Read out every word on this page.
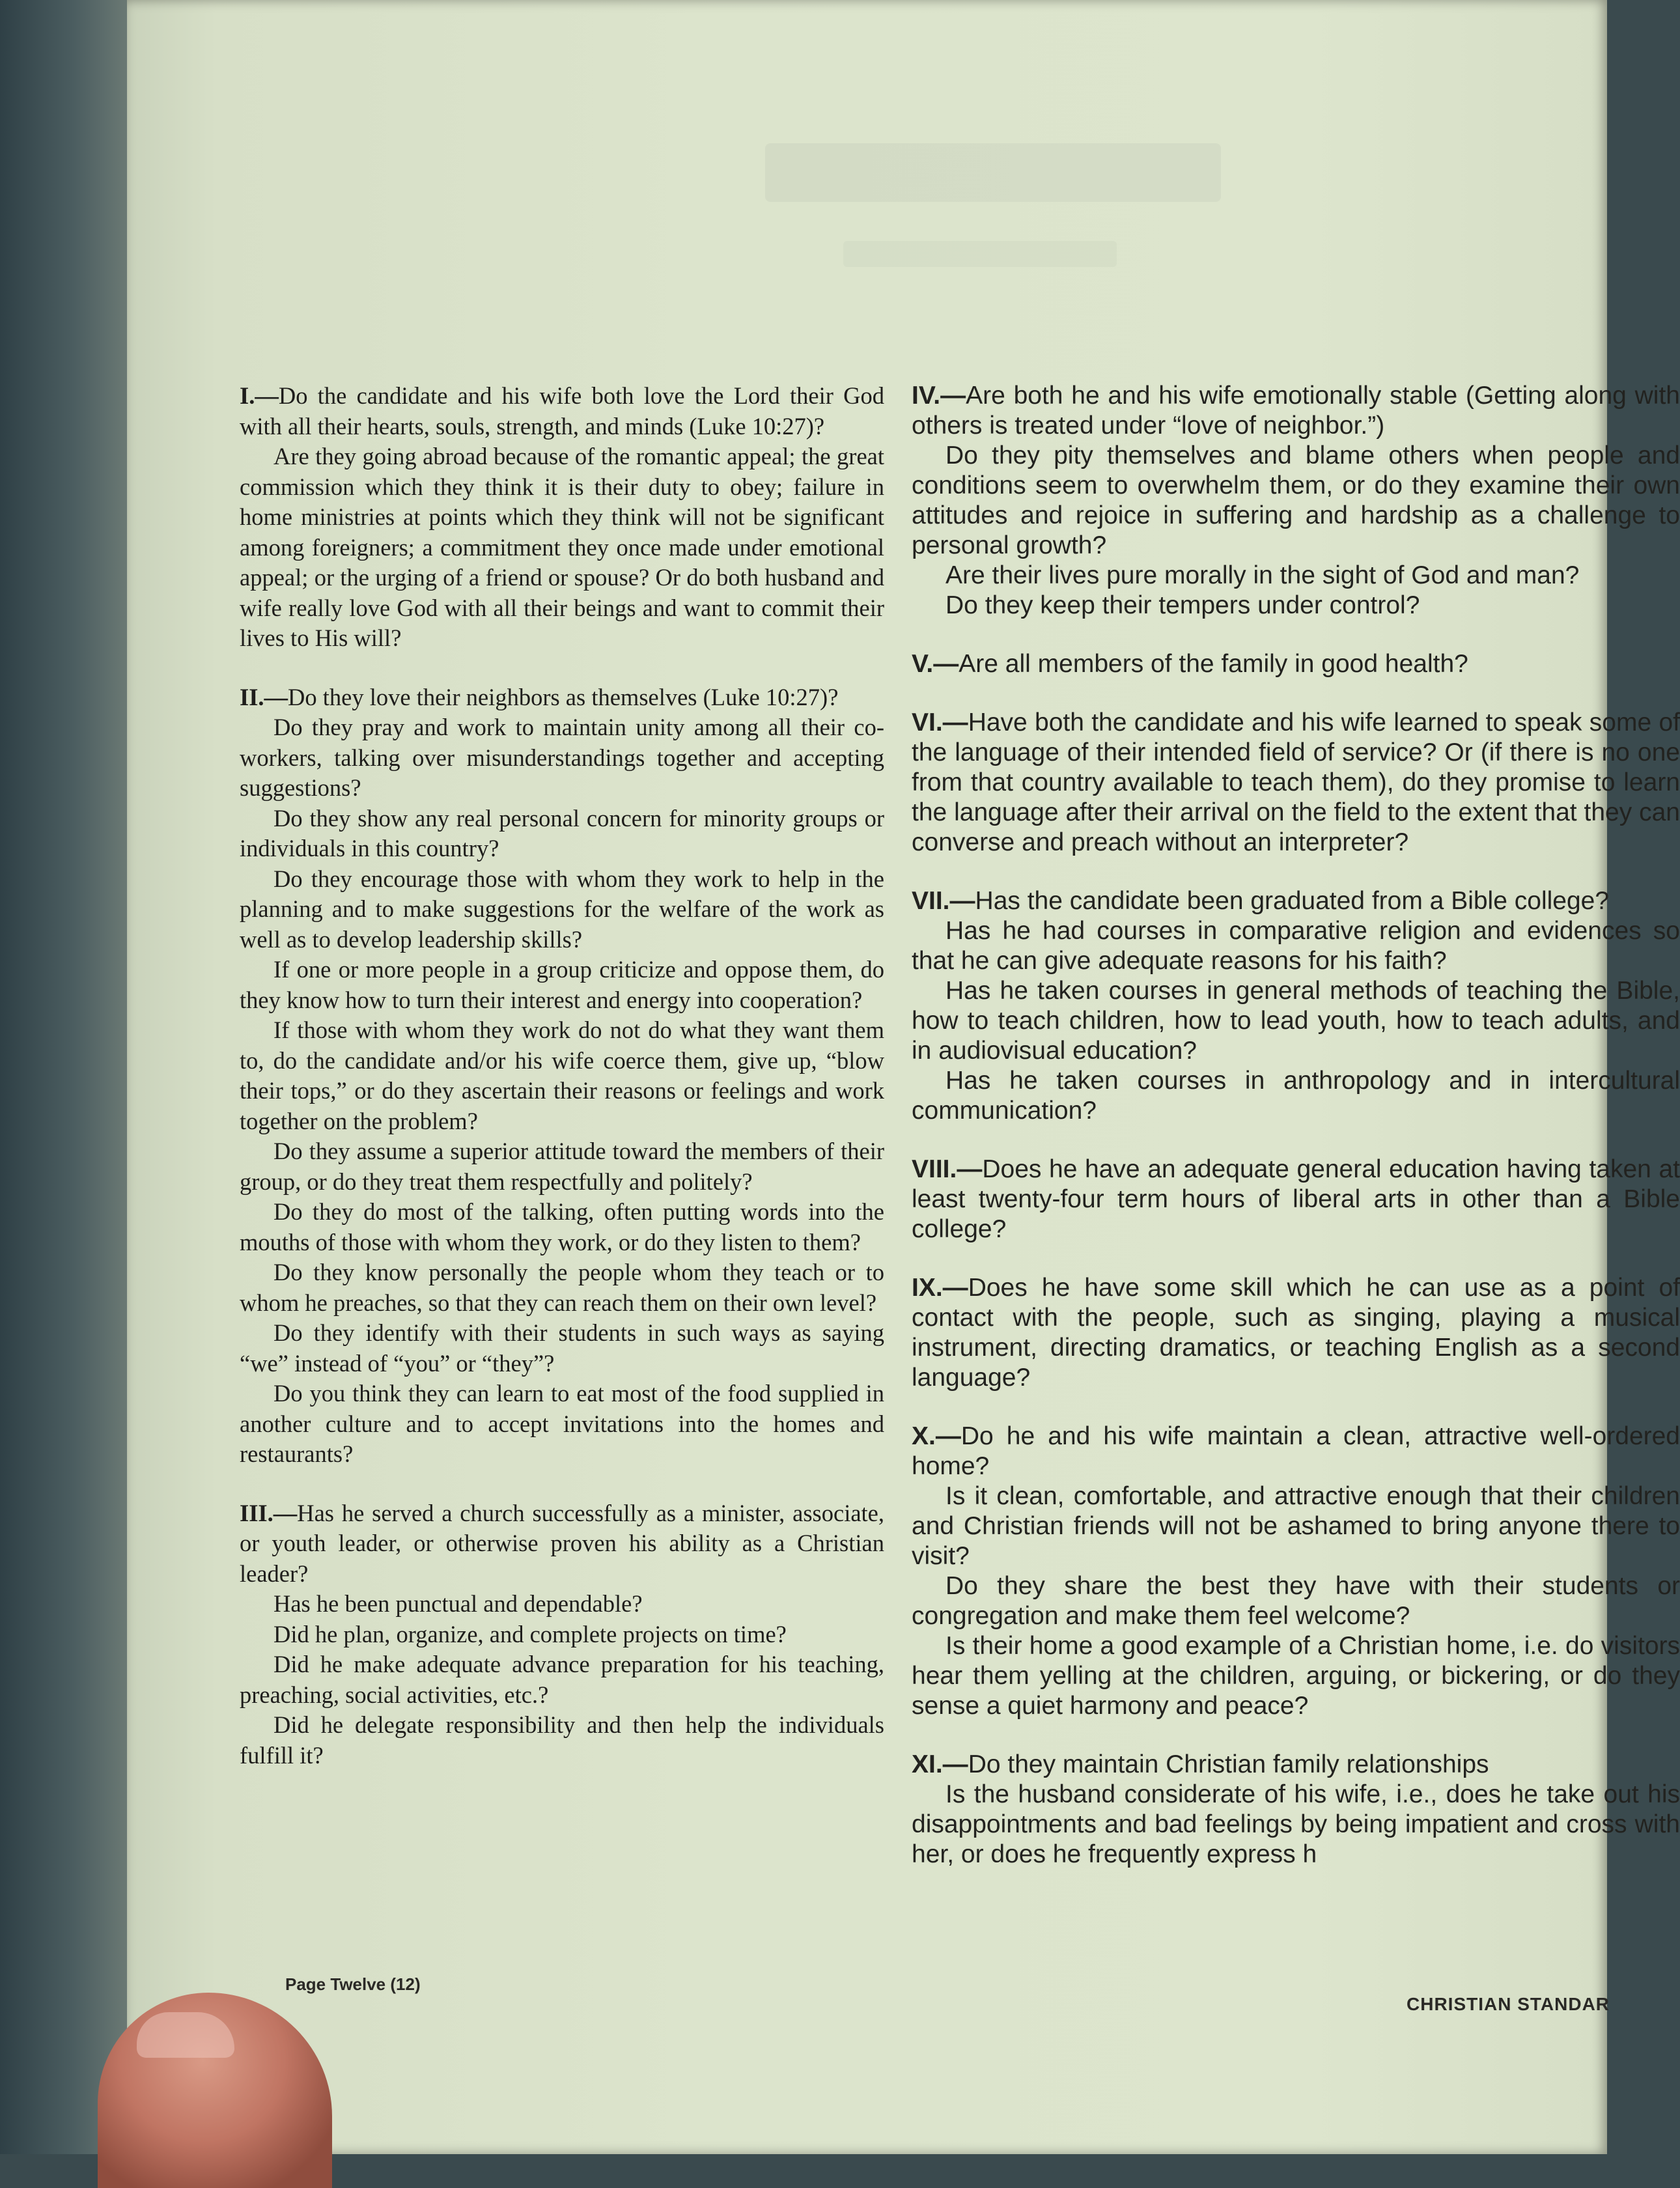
I.—Do the candidate and his wife both love the Lord their God with all their hearts, souls, strength, and minds (Luke 10:27)?

Are they going abroad because of the romantic appeal; the great commission which they think it is their duty to obey; failure in home ministries at points which they think will not be significant among foreigners; a commitment they once made under emotional appeal; or the urging of a friend or spouse? Or do both husband and wife really love God with all their beings and want to commit their lives to His will?

II.—Do they love their neighbors as themselves (Luke 10:27)?

Do they pray and work to maintain unity among all their co-workers, talking over misunderstandings together and accepting suggestions?

Do they show any real personal concern for minority groups or individuals in this country?

Do they encourage those with whom they work to help in the planning and to make suggestions for the welfare of the work as well as to develop leadership skills?

If one or more people in a group criticize and oppose them, do they know how to turn their interest and energy into cooperation?

If those with whom they work do not do what they want them to, do the candidate and/or his wife coerce them, give up, “blow their tops,” or do they ascertain their reasons or feelings and work together on the problem?

Do they assume a superior attitude toward the members of their group, or do they treat them respectfully and politely?

Do they do most of the talking, often putting words into the mouths of those with whom they work, or do they listen to them?

Do they know personally the people whom they teach or to whom he preaches, so that they can reach them on their own level?

Do they identify with their students in such ways as saying “we” instead of “you” or “they”?

Do you think they can learn to eat most of the food supplied in another culture and to accept invitations into the homes and restaurants?

III.—Has he served a church successfully as a minister, associate, or youth leader, or otherwise proven his ability as a Christian leader?

Has he been punctual and dependable?

Did he plan, organize, and complete projects on time?

Did he make adequate advance preparation for his teaching, preaching, social activities, etc.?

Did he delegate responsibility and then help the individuals fulfill it?

IV.—Are both he and his wife emotionally stable (Getting along with others is treated under “love of neighbor.”)

Do they pity themselves and blame others when people and conditions seem to overwhelm them, or do they examine their own attitudes and rejoice in suffering and hardship as a challenge to personal growth?

Are their lives pure morally in the sight of God and man?

Do they keep their tempers under control?

V.—Are all members of the family in good health?

VI.—Have both the candidate and his wife learned to speak some of the language of their intended field of service? Or (if there is no one from that country available to teach them), do they promise to learn the language after their arrival on the field to the extent that they can converse and preach without an interpreter?

VII.—Has the candidate been graduated from a Bible college?

Has he had courses in comparative religion and evidences so that he can give adequate reasons for his faith?

Has he taken courses in general methods of teaching the Bible, how to teach children, how to lead youth, how to teach adults, and in audiovisual education?

Has he taken courses in anthropology and in intercultural communication?

VIII.—Does he have an adequate general education having taken at least twenty-four term hours of liberal arts in other than a Bible college?

IX.—Does he have some skill which he can use as a point of contact with the people, such as singing, playing a musical instrument, directing dramatics, or teaching English as a second language?

X.—Do he and his wife maintain a clean, attractive well-ordered home?

Is it clean, comfortable, and attractive enough that their children and Christian friends will not be ashamed to bring anyone there to visit?

Do they share the best they have with their students or congregation and make them feel welcome?

Is their home a good example of a Christian home, i.e. do visitors hear them yelling at the children, arguing, or bickering, or do they sense a quiet harmony and peace?

XI.—Do they maintain Christian family relationships

Is the husband considerate of his wife, i.e., does he take out his disappointments and bad feelings by being impatient and cross with her, or does he frequently express h

Page Twelve (12)
CHRISTIAN STANDAR
